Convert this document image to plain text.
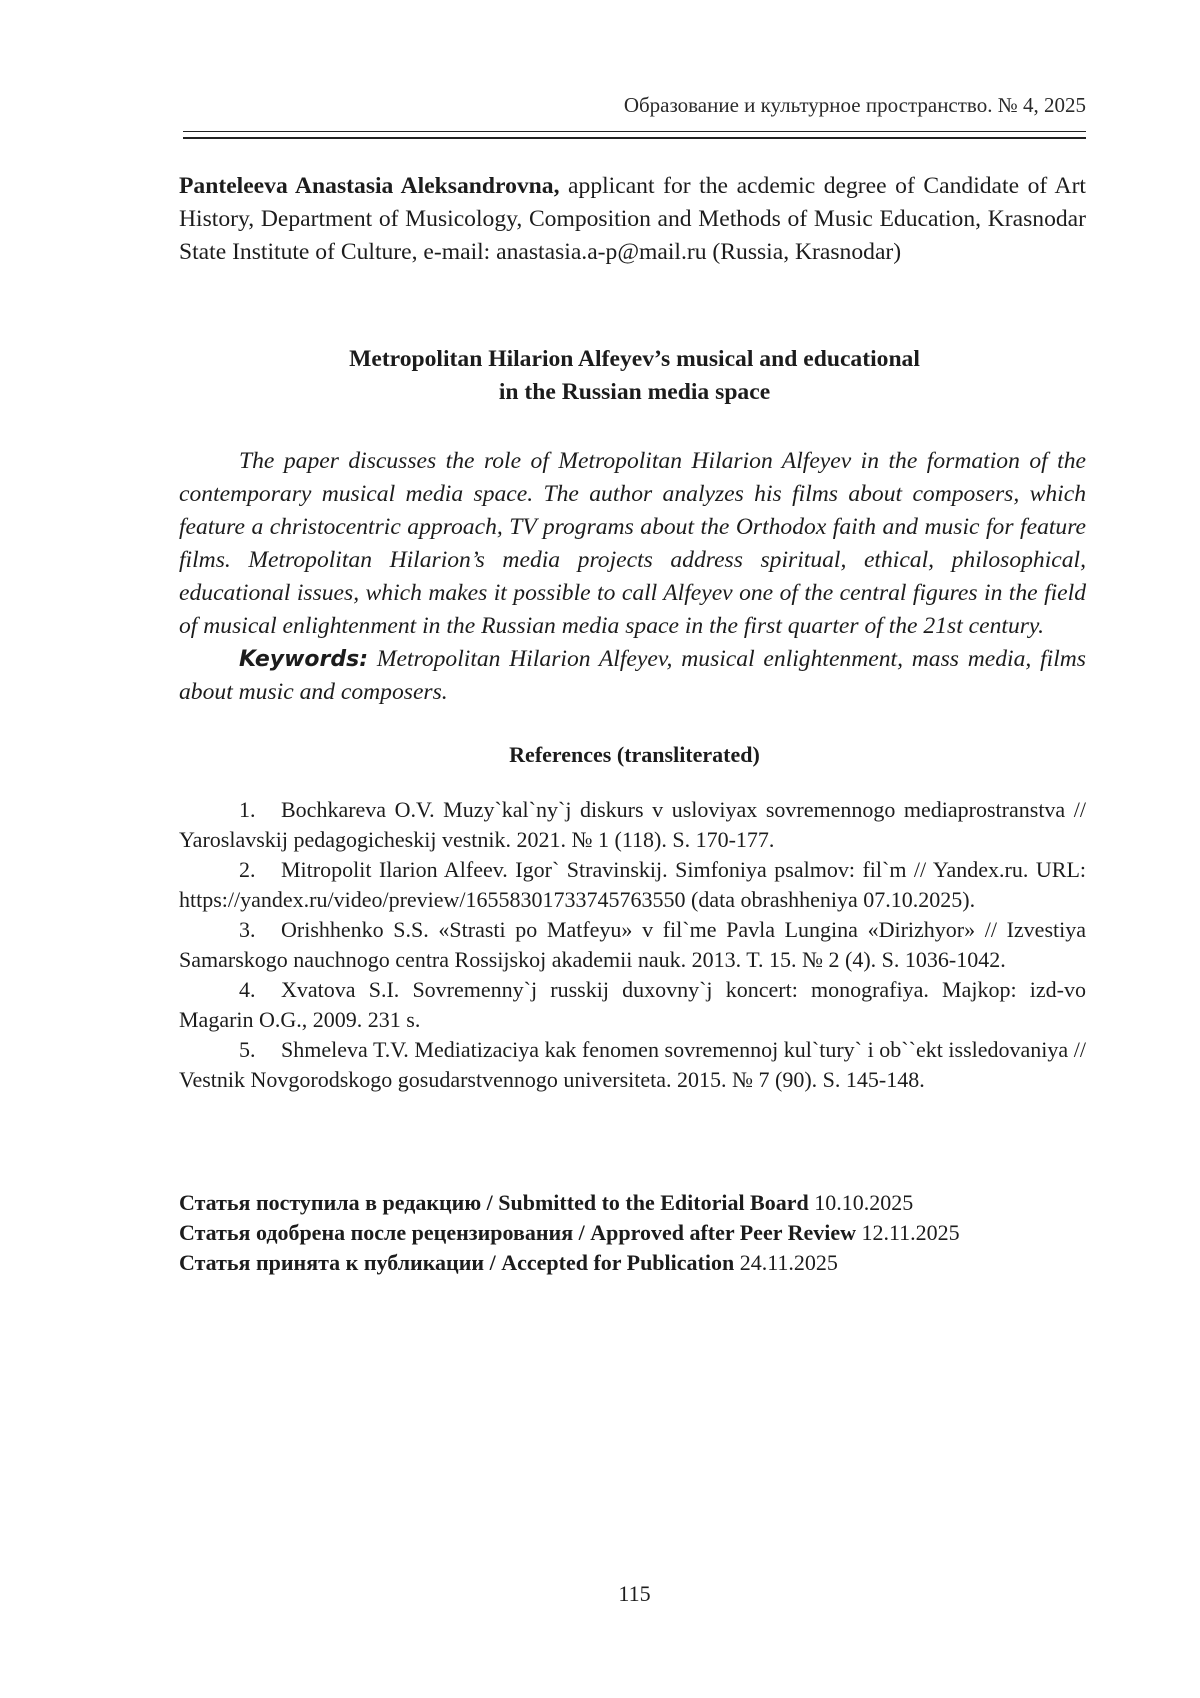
Образование и культурное пространство. № 4, 2025
Panteleeva Anastasia Aleksandrovna, applicant for the acdemic degree of Candidate of Art History, Department of Musicology, Composition and Methods of Music Education, Krasnodar State Institute of Culture, e-mail: anastasia.a-p@mail.ru (Russia, Krasnodar)
Metropolitan Hilarion Alfeyev’s musical and educational
in the Russian media space

The paper discusses the role of Metropolitan Hilarion Alfeyev in the formation of the contemporary musical media space. The author analyzes his films about composers, which feature a christocentric approach, TV programs about the Orthodox faith and music for feature films. Metropolitan Hilarion’s media projects address spiritual, ethical, philosophical, educational issues, which makes it possible to call Alfeyev one of the central figures in the field of musical enlightenment in the Russian media space in the first quarter of the 21st century.

Keywords: Metropolitan Hilarion Alfeyev, musical enlightenment, mass media, films about music and composers.

References (transliterated)
1. Bochkareva O.V. Muzy`kal`ny`j diskurs v usloviyax sovremennogo mediaprostranstva // Yaroslavskij pedagogicheskij vestnik. 2021. № 1 (118). S. 170-177.
2. Mitropolit Ilarion Alfeev. Igor` Stravinskij. Simfoniya psalmov: fil`m // Yandex.ru. URL: https://yandex.ru/video/preview/16558301733745763550 (data obrashheniya 07.10.2025).
3. Orishhenko S.S. «Strasti po Matfeyu» v fil`me Pavla Lungina «Dirizhyor» // Izvestiya Samarskogo nauchnogo centra Rossijskoj akademii nauk. 2013. T. 15. № 2 (4). S. 1036-1042.
4. Xvatova S.I. Sovremenny`j russkij duxovny`j koncert: monografiya. Majkop: izd-vo Magarin O.G., 2009. 231 s.
5. Shmeleva T.V. Mediatizaciya kak fenomen sovremennoj kul`tury` i ob``ekt issledovaniya // Vestnik Novgorodskogo gosudarstvennogo universiteta. 2015. № 7 (90). S. 145-148.
Статья поступила в редакцию / Submitted to the Editorial Board 10.10.2025
Статья одобрена после рецензирования / Approved after Peer Review 12.11.2025
Статья принята к публикации / Accepted for Publication 24.11.2025
115
